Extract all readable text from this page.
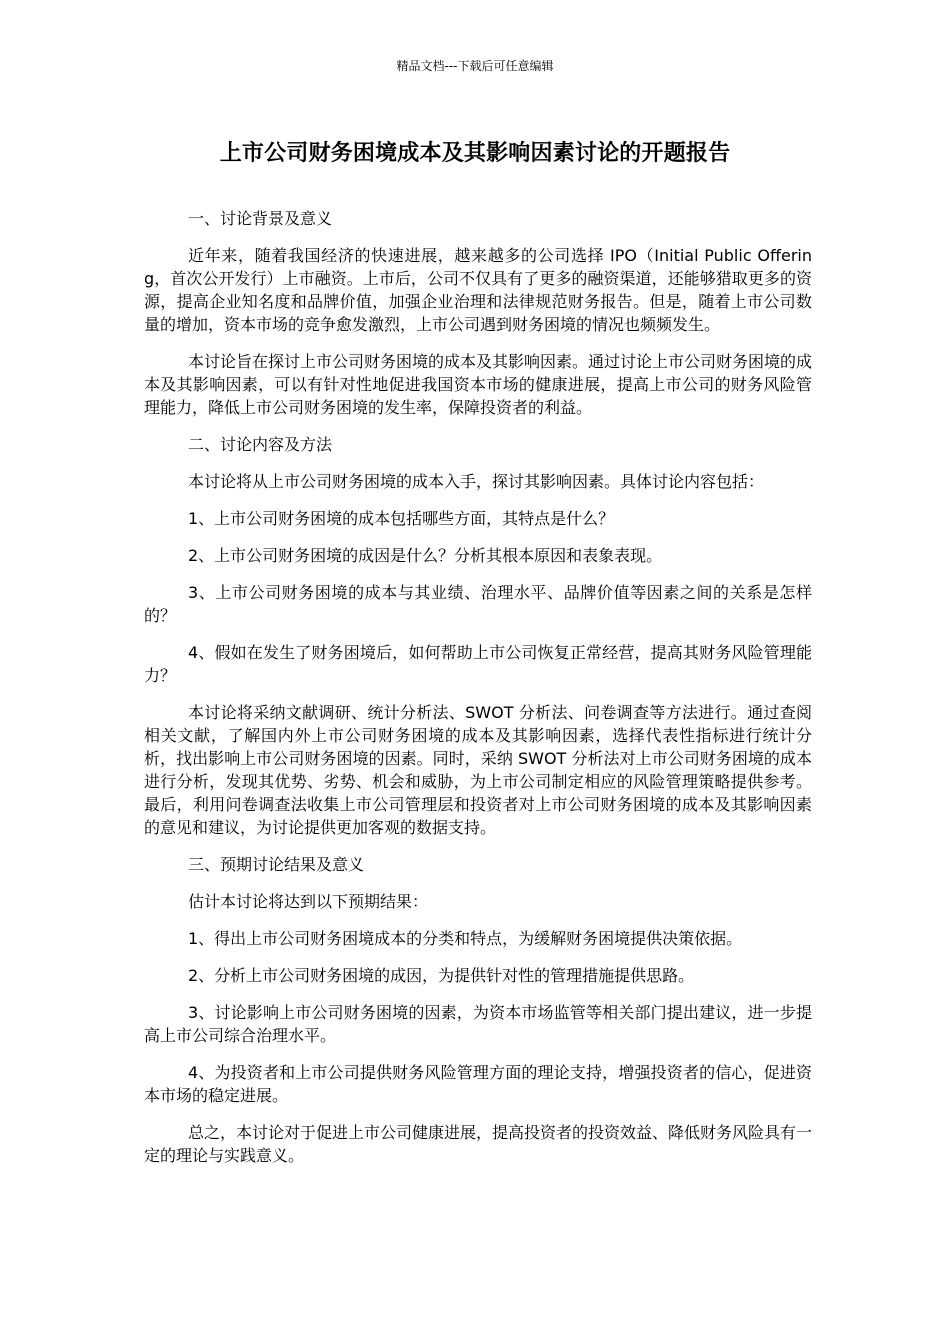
精品文档---下载后可任意编辑
上市公司财务困境成本及其影响因素讨论的开题报告

一、讨论背景及意义

近年来，随着我国经济的快速进展，越来越多的公司选择 IPO（Initial Public Offering，首次公开发行）上市融资。上市后，公司不仅具有了更多的融资渠道，还能够猎取更多的资源，提高企业知名度和品牌价值，加强企业治理和法律规范财务报告。但是，随着上市公司数量的增加，资本市场的竞争愈发激烈，上市公司遇到财务困境的情况也频频发生。

本讨论旨在探讨上市公司财务困境的成本及其影响因素。通过讨论上市公司财务困境的成本及其影响因素，可以有针对性地促进我国资本市场的健康进展，提高上市公司的财务风险管理能力，降低上市公司财务困境的发生率，保障投资者的利益。

二、讨论内容及方法

本讨论将从上市公司财务困境的成本入手，探讨其影响因素。具体讨论内容包括：

1、上市公司财务困境的成本包括哪些方面，其特点是什么？

2、上市公司财务困境的成因是什么？分析其根本原因和表象表现。

3、上市公司财务困境的成本与其业绩、治理水平、品牌价值等因素之间的关系是怎样的？

4、假如在发生了财务困境后，如何帮助上市公司恢复正常经营，提高其财务风险管理能力？

本讨论将采纳文献调研、统计分析法、SWOT 分析法、问卷调查等方法进行。通过查阅相关文献，了解国内外上市公司财务困境的成本及其影响因素，选择代表性指标进行统计分析，找出影响上市公司财务困境的因素。同时，采纳 SWOT 分析法对上市公司财务困境的成本进行分析，发现其优势、劣势、机会和威胁，为上市公司制定相应的风险管理策略提供参考。最后，利用问卷调查法收集上市公司管理层和投资者对上市公司财务困境的成本及其影响因素的意见和建议，为讨论提供更加客观的数据支持。

三、预期讨论结果及意义

估计本讨论将达到以下预期结果：

1、得出上市公司财务困境成本的分类和特点，为缓解财务困境提供决策依据。

2、分析上市公司财务困境的成因，为提供针对性的管理措施提供思路。

3、讨论影响上市公司财务困境的因素，为资本市场监管等相关部门提出建议，进一步提高上市公司综合治理水平。

4、为投资者和上市公司提供财务风险管理方面的理论支持，增强投资者的信心，促进资本市场的稳定进展。

总之，本讨论对于促进上市公司健康进展，提高投资者的投资效益、降低财务风险具有一定的理论与实践意义。
